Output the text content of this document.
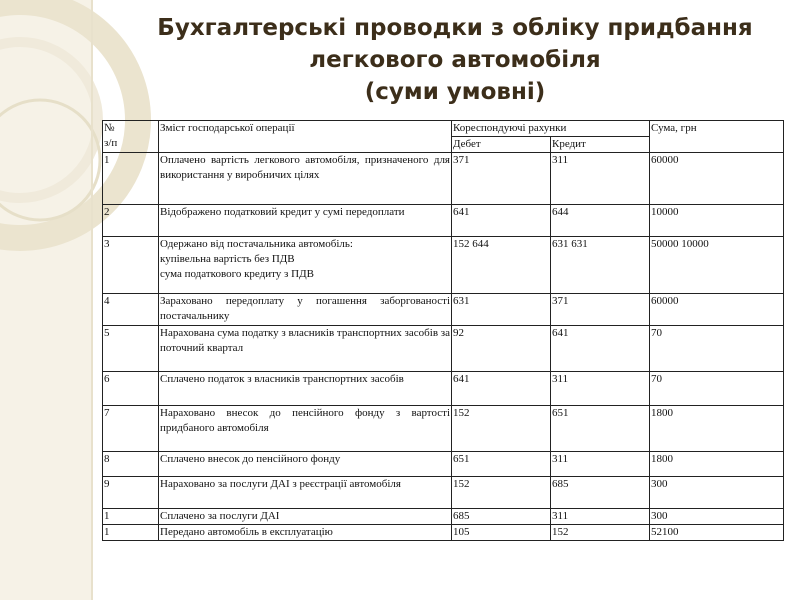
Бухгалтерські проводки з обліку придбання
легкового автомобіля
(суми умовні)
№
з/п	Зміст господарської операції	Кореспондуючі рахунки		Сума, грн
		Дебет	Кредит	
1	Оплачено вартість легкового автомобіля, призначеного для використання у виробничих цілях	371	311	60000
2	Відображено податковий кредит у сумі передоплати	641	644	10000
3	Одержано від постачальника автомобіль:
купівельна вартість без ПДВ
сума податкового кредиту з ПДВ	152 644	631 631	50000 10000
4	Зараховано передоплату у погашення заборгованості постачальнику	631	371	60000
5	Нарахована сума податку з власників транспортних засобів за поточний квартал	92	641	70
6	Сплачено податок з власників транспортних засобів	641	311	70
7	Нараховано внесок до пенсійного фонду з вартості придбаного автомобіля	152	651	1800
8	Сплачено внесок до пенсійного фонду	651	311	1800
9	Нараховано за послуги ДАІ з реєстрації автомобіля	152	685	300
1	Сплачено за послуги ДАІ	685	311	300
1	Передано автомобіль в експлуатацію	105	152	52100
